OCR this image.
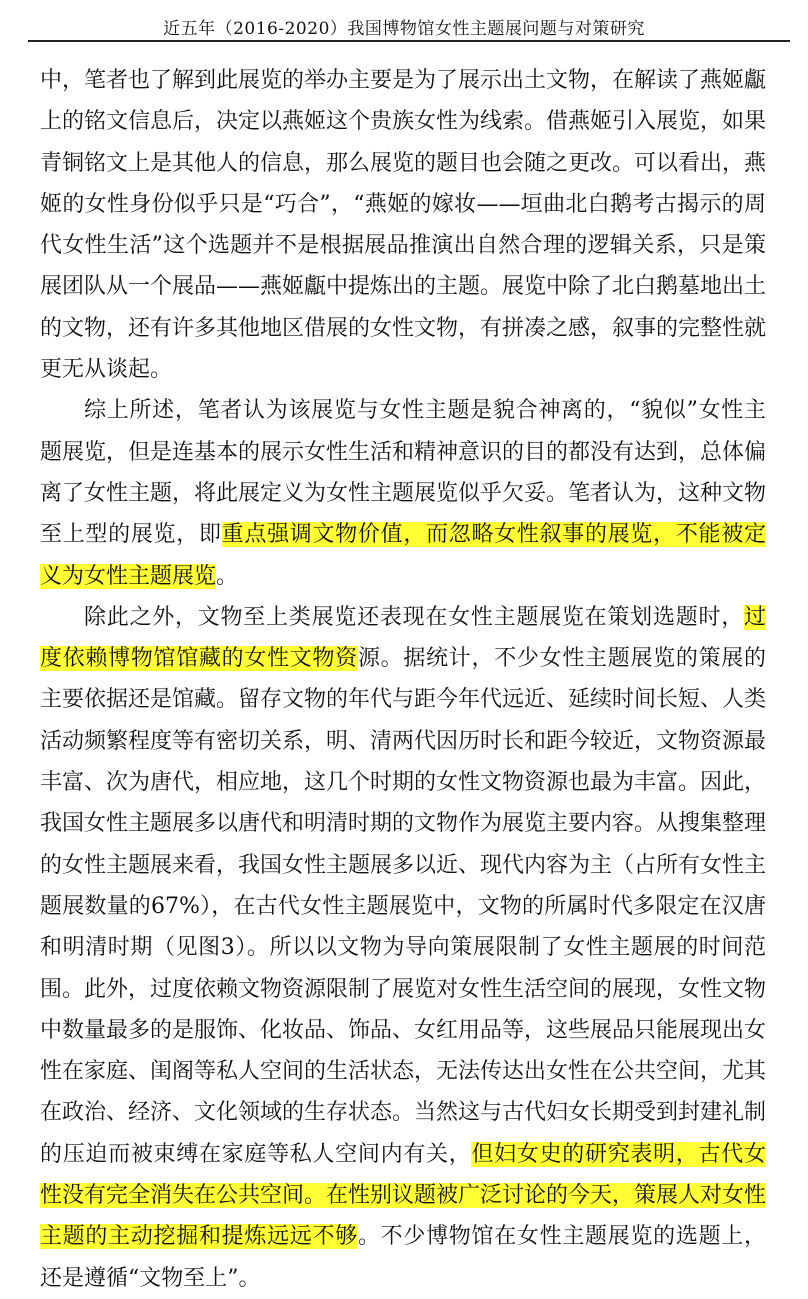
近五年（2016-2020）我国博物馆女性主题展问题与对策研究

中，笔者也了解到此展览的举办主要是为了展示出土文物，在解读了燕姬甗上的铭文信息后，决定以燕姬这个贵族女性为线索。借燕姬引入展览，如果青铜铭文上是其他人的信息，那么展览的题目也会随之更改。可以看出，燕姬的女性身份似乎只是“巧合”，“燕姬的嫁妆——垣曲北白鹅考古揭示的周代女性生活”这个选题并不是根据展品推演出自然合理的逻辑关系，只是策展团队从一个展品——燕姬甗中提炼出的主题。展览中除了北白鹅墓地出土的文物，还有许多其他地区借展的女性文物，有拼凑之感，叙事的完整性就更无从谈起。

综上所述，笔者认为该展览与女性主题是貌合神离的，“貌似”女性主题展览，但是连基本的展示女性生活和精神意识的目的都没有达到，总体偏离了女性主题，将此展定义为女性主题展览似乎欠妥。笔者认为，这种文物至上型的展览，即重点强调文物价值，而忽略女性叙事的展览，不能被定义为女性主题展览。

除此之外，文物至上类展览还表现在女性主题展览在策划选题时，过度依赖博物馆馆藏的女性文物资源。据统计，不少女性主题展览的策展的主要依据还是馆藏。留存文物的年代与距今年代远近、延续时间长短、人类活动频繁程度等有密切关系，明、清两代因历时长和距今较近，文物资源最丰富、次为唐代，相应地，这几个时期的女性文物资源也最为丰富。因此，我国女性主题展多以唐代和明清时期的文物作为展览主要内容。从搜集整理的女性主题展来看，我国女性主题展多以近、现代内容为主（占所有女性主题展数量的67%），在古代女性主题展览中，文物的所属时代多限定在汉唐和明清时期（见图3）。所以以文物为导向策展限制了女性主题展的时间范围。此外，过度依赖文物资源限制了展览对女性生活空间的展现，女性文物中数量最多的是服饰、化妆品、饰品、女红用品等，这些展品只能展现出女性在家庭、闺阁等私人空间的生活状态，无法传达出女性在公共空间，尤其在政治、经济、文化领域的生存状态。当然这与古代妇女长期受到封建礼制的压迫而被束缚在家庭等私人空间内有关，但妇女史的研究表明，古代女性没有完全消失在公共空间。在性别议题被广泛讨论的今天，策展人对女性主题的主动挖掘和提炼远远不够。不少博物馆在女性主题展览的选题上，还是遵循“文物至上”。
